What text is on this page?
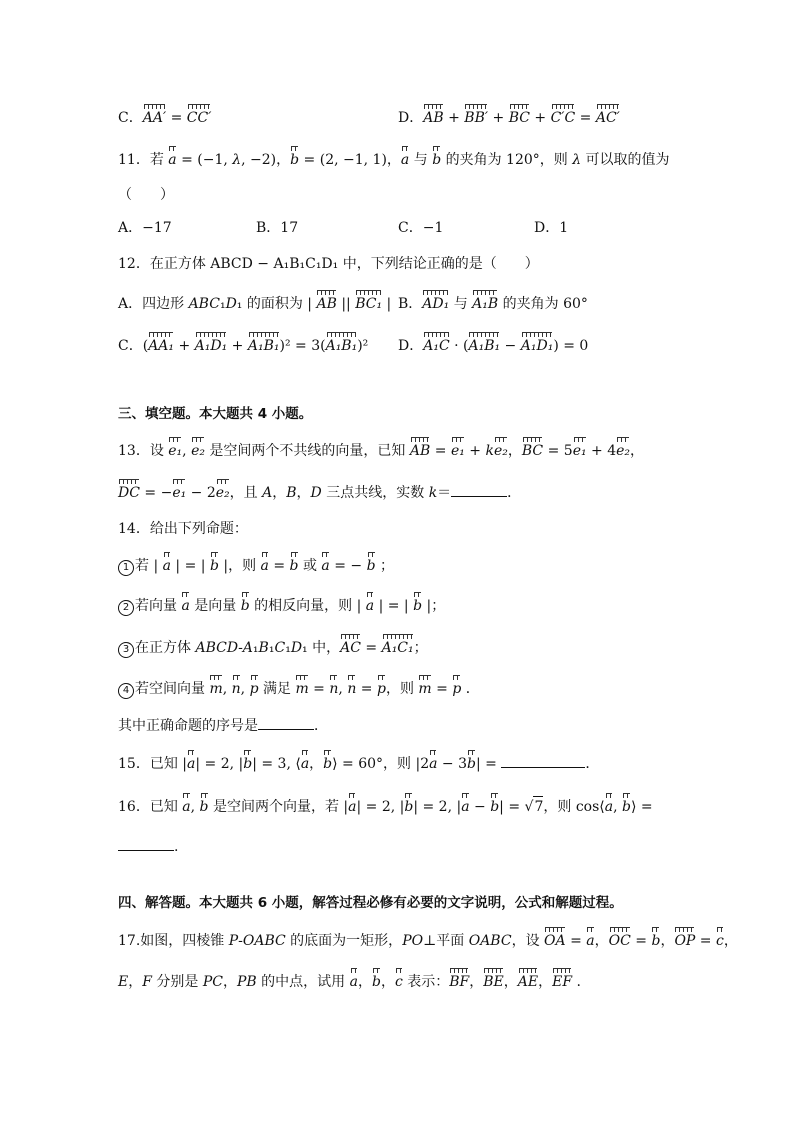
C．AA′ = CC′	D．AB + BB′ + BC + C′C = AC′
11．若 a = (−1, λ, −2)，b = (2, −1, 1)，a 与 b 的夹角为 120°，则 λ 可以取的值为
（　　）
A．−17	B．17	C．−1	D．1
12．在正方体 ABCD − A₁B₁C₁D₁ 中，下列结论正确的是（　　）
A．四边形 ABC₁D₁ 的面积为 | AB || BC₁ | B．AD₁ 与 A₁B 的夹角为 60°
C．(AA₁ + A₁D₁ + A₁B₁)² = 3(A₁B₁)² D．A₁C · (A₁B₁ − A₁D₁) = 0
三、填空题。本大题共 4 小题。
13．设 e₁, e₂ 是空间两个不共线的向量，已知 AB = e₁ + ke₂，BC = 5e₁ + 4e₂，
DC = −e₁ − 2e₂，且 A，B，D 三点共线，实数 k＝	．
14．给出下列命题：
1 若 | a | = | b |，则 a = b 或 a = − b ；
2 若向量 a 是向量 b 的相反向量，则 | a | = | b |；
3 在正方体 ABCD-A₁B₁C₁D₁ 中，AC = A₁C₁；
4 若空间向量 m, n, p 满足 m = n, n = p，则 m = p ．
其中正确命题的序号是	．
15．已知 |a| = 2, |b| = 3, ⟨a，b⟩ = 60°，则 |2a − 3b| =	．
16．已知 a, b 是空间两个向量，若 |a| = 2, |b| = 2, |a − b| = √7，则 cos⟨a, b⟩ =
.
四、解答题。本大题共 6 小题，解答过程必修有必要的文字说明，公式和解题过程。
17.如图，四棱锥 P-OABC 的底面为一矩形，PO⊥平面 OABC，设 OA = a，OC = b，OP = c，
E，F 分别是 PC，PB 的中点，试用 a，b，c 表示：BF，BE，AE，EF .
